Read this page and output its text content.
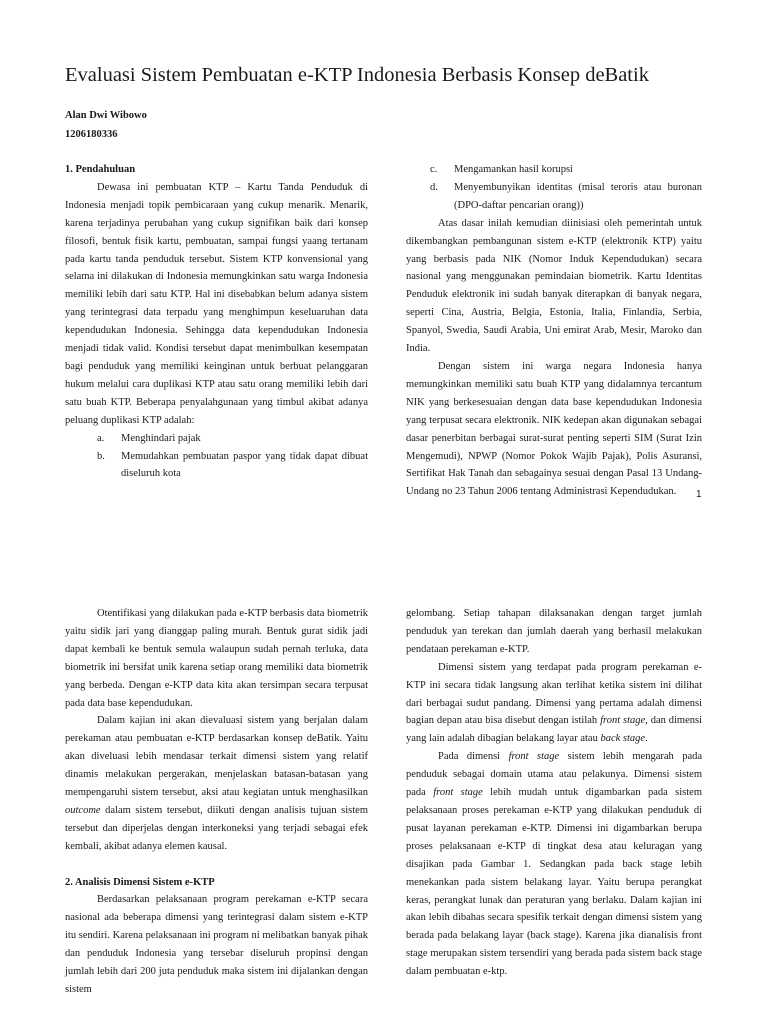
Evaluasi Sistem Pembuatan e-KTP Indonesia Berbasis Konsep deBatik
Alan Dwi Wibowo
1206180336
1. Pendahuluan

Dewasa ini pembuatan KTP – Kartu Tanda Penduduk di Indonesia menjadi topik pembicaraan yang cukup menarik. Menarik, karena terjadinya perubahan yang cukup signifikan baik dari konsep filosofi, bentuk fisik kartu, pembuatan, sampai fungsi yaang tertanam pada kartu tanda penduduk tersebut. Sistem KTP konvensional yang selama ini dilakukan di Indonesia memungkinkan satu warga Indonesia memiliki lebih dari satu KTP. Hal ini disebabkan belum adanya sistem yang terintegrasi data terpadu yang menghimpun keseluaruhan data kependudukan Indonesia. Sehingga data kependudukan Indonesia menjadi tidak valid. Kondisi tersebut dapat menimbulkan kesempatan bagi penduduk yang memiliki keinginan untuk berbuat pelanggaran hukum melalui cara duplikasi KTP atau satu orang memiliki lebih dari satu buah KTP. Beberapa penyalahgunaan yang timbul akibat adanya peluang duplikasi KTP adalah:

a.	Menghindari pajak
b.	Memudahkan pembuatan paspor yang tidak dapat dibuat diseluruh kota
c.	Mengamankan hasil korupsi
d.	Menyembunyikan identitas (misal teroris atau buronan (DPO-daftar pencarian orang))

Atas dasar inilah kemudian diinisiasi oleh pemerintah untuk dikembangkan pembangunan sistem e-KTP (elektronik KTP) yaitu yang berbasis pada NIK (Nomor Induk Kependudukan) secara nasional yang menggunakan pemindaian biometrik. Kartu Identitas Penduduk elektronik ini sudah banyak diterapkan di banyak negara, seperti Cina, Austria, Belgia, Estonia, Italia, Finlandia, Serbia, Spanyol, Swedia, Saudi Arabia, Uni emirat Arab, Mesir, Maroko dan India.

Dengan sistem ini warga negara Indonesia hanya memungkinkan memiliki satu buah KTP yang didalamnya tercantum NIK yang berkesesuaian dengan data base kependudukan Indonesia yang terpusat secara elektronik. NIK kedepan akan digunakan sebagai dasar penerbitan berbagai surat-surat penting seperti SIM (Surat Izin Mengemudi), NPWP (Nomor Pokok Wajib Pajak), Polis Asuransi, Sertifikat Hak Tanah dan sebagainya sesuai dengan Pasal 13 Undang-Undang no 23 Tahun 2006 tentang Administrasi Kependudukan.	1

Otentifikasi yang dilakukan pada e-KTP berbasis data biometrik yaitu sidik jari yang dianggap paling murah. Bentuk gurat sidik jadi dapat kembali ke bentuk semula walaupun sudah pernah terluka, data biometrik ini bersifat unik karena setiap orang memiliki data biometrik yang berbeda. Dengan e-KTP data kita akan tersimpan secara terpusat pada data base kependudukan.

Dalam kajian ini akan dievaluasi sistem yang berjalan dalam perekaman atau pembuatan e-KTP berdasarkan konsep deBatik. Yaitu akan diveluasi lebih mendasar terkait dimensi sistem yang relatif dinamis melakukan pergerakan, menjelaskan batasan-batasan yang mempengaruhi sistem tersebut, aksi atau kegiatan untuk menghasilkan outcome dalam sistem tersebut, diikuti dengan analisis tujuan sistem tersebut dan diperjelas dengan interkoneksi yang terjadi sebagai efek kembali, akibat adanya elemen kausal.

2. Analisis Dimensi Sistem e-KTP

Berdasarkan pelaksanaan program perekaman e-KTP secara nasional ada beberapa dimensi yang terintegrasi dalam sistem e-KTP itu sendiri. Karena pelaksanaan ini program ni melibatkan banyak pihak dan penduduk Indonesia yang tersebar diseluruh propinsi dengan jumlah lebih dari 200 juta penduduk maka sistem ini dijalankan dengan sistem

gelombang. Setiap tahapan dilaksanakan dengan target jumlah penduduk yan terekan dan jumlah daerah yang berhasil melakukan pendataan perekaman e-KTP.

Dimensi sistem yang terdapat pada program perekaman e-KTP ini secara tidak langsung akan terlihat ketika sistem ini dilihat dari berbagai sudut pandang. Dimensi yang pertama adalah dimensi bagian depan atau bisa disebut dengan istilah front stage, dan dimensi yang lain adalah dibagian belakang layar atau back stage.

Pada dimensi front stage sistem lebih mengarah pada penduduk sebagai domain utama atau pelakunya. Dimensi sistem pada front stage lebih mudah untuk digambarkan pada sistem pelaksanaan proses perekaman e-KTP yang dilakukan penduduk di pusat layanan perekaman e-KTP. Dimensi ini digambarkan berupa proses pelaksanaan e-KTP di tingkat desa atau keluragan yang disajikan pada Gambar 1. Sedangkan pada back stage lebih menekankan pada sistem belakang layar. Yaitu berupa perangkat keras, perangkat lunak dan peraturan yang berlaku. Dalam kajian ini akan lebih dibahas secara spesifik terkait dengan dimensi sistem yang berada pada belakang layar (back stage). Karena jika dianalisis front stage merupakan sistem tersendiri yang berada pada sistem back stage dalam pembuatan e-ktp.
